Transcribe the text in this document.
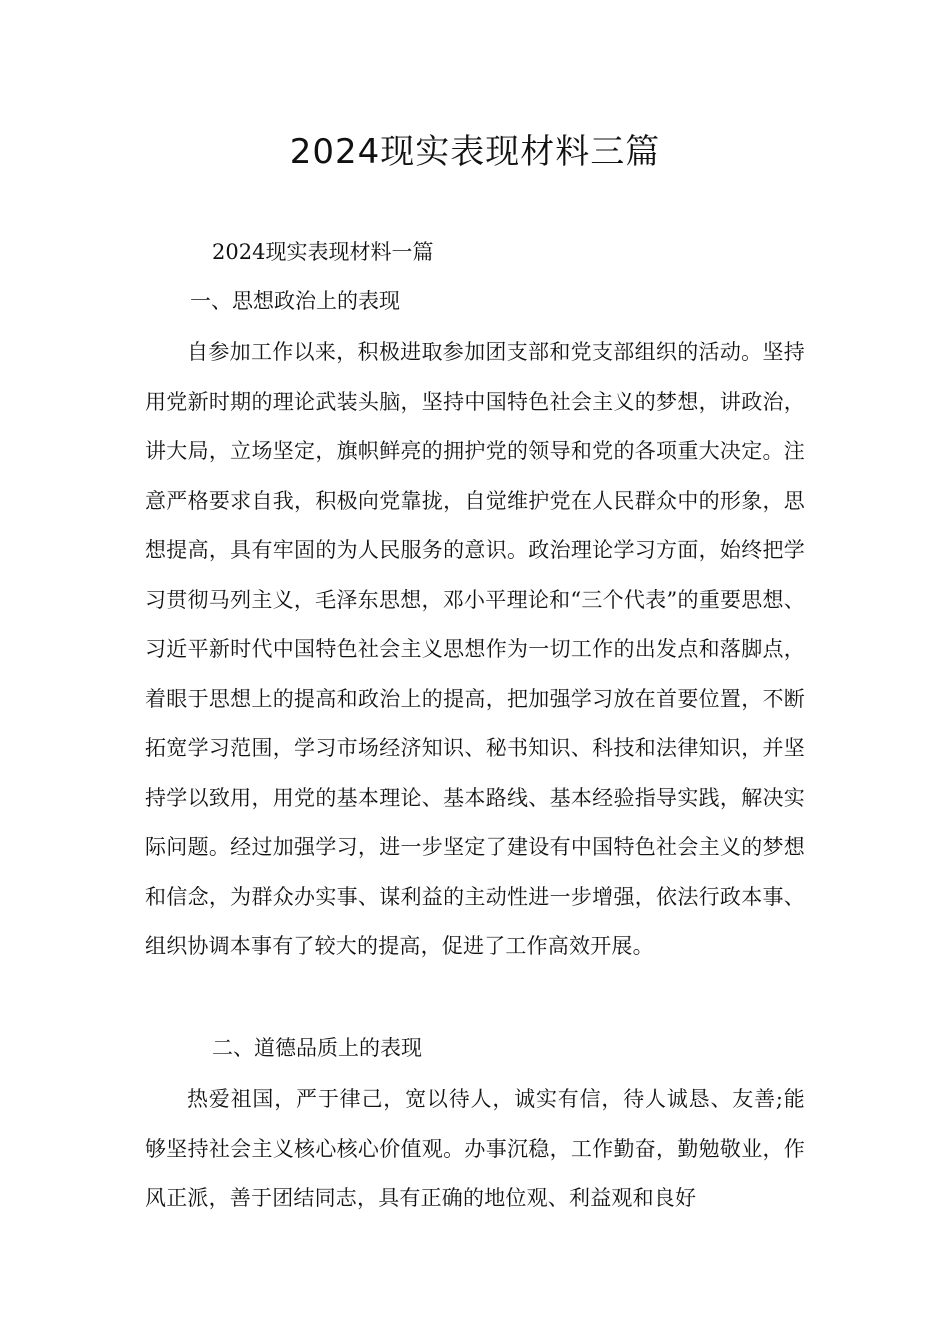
2024现实表现材料三篇

2024现实表现材料一篇

一、思想政治上的表现

自参加工作以来，积极进取参加团支部和党支部组织的活动。坚持用党新时期的理论武装头脑，坚持中国特色社会主义的梦想，讲政治，讲大局，立场坚定，旗帜鲜亮的拥护党的领导和党的各项重大决定。注意严格要求自我，积极向党靠拢，自觉维护党在人民群众中的形象，思想提高，具有牢固的为人民服务的意识。政治理论学习方面，始终把学习贯彻马列主义，毛泽东思想，邓小平理论和“三个代表”的重要思想、习近平新时代中国特色社会主义思想作为一切工作的出发点和落脚点，着眼于思想上的提高和政治上的提高，把加强学习放在首要位置，不断拓宽学习范围，学习市场经济知识、秘书知识、科技和法律知识，并坚持学以致用，用党的基本理论、基本路线、基本经验指导实践，解决实际问题。经过加强学习，进一步坚定了建设有中国特色社会主义的梦想和信念，为群众办实事、谋利益的主动性进一步增强，依法行政本事、组织协调本事有了较大的提高，促进了工作高效开展。

二、道德品质上的表现

热爱祖国，严于律己，宽以待人，诚实有信，待人诚恳、友善;能够坚持社会主义核心核心价值观。办事沉稳，工作勤奋，勤勉敬业，作风正派，善于团结同志，具有正确的地位观、利益观和良好
